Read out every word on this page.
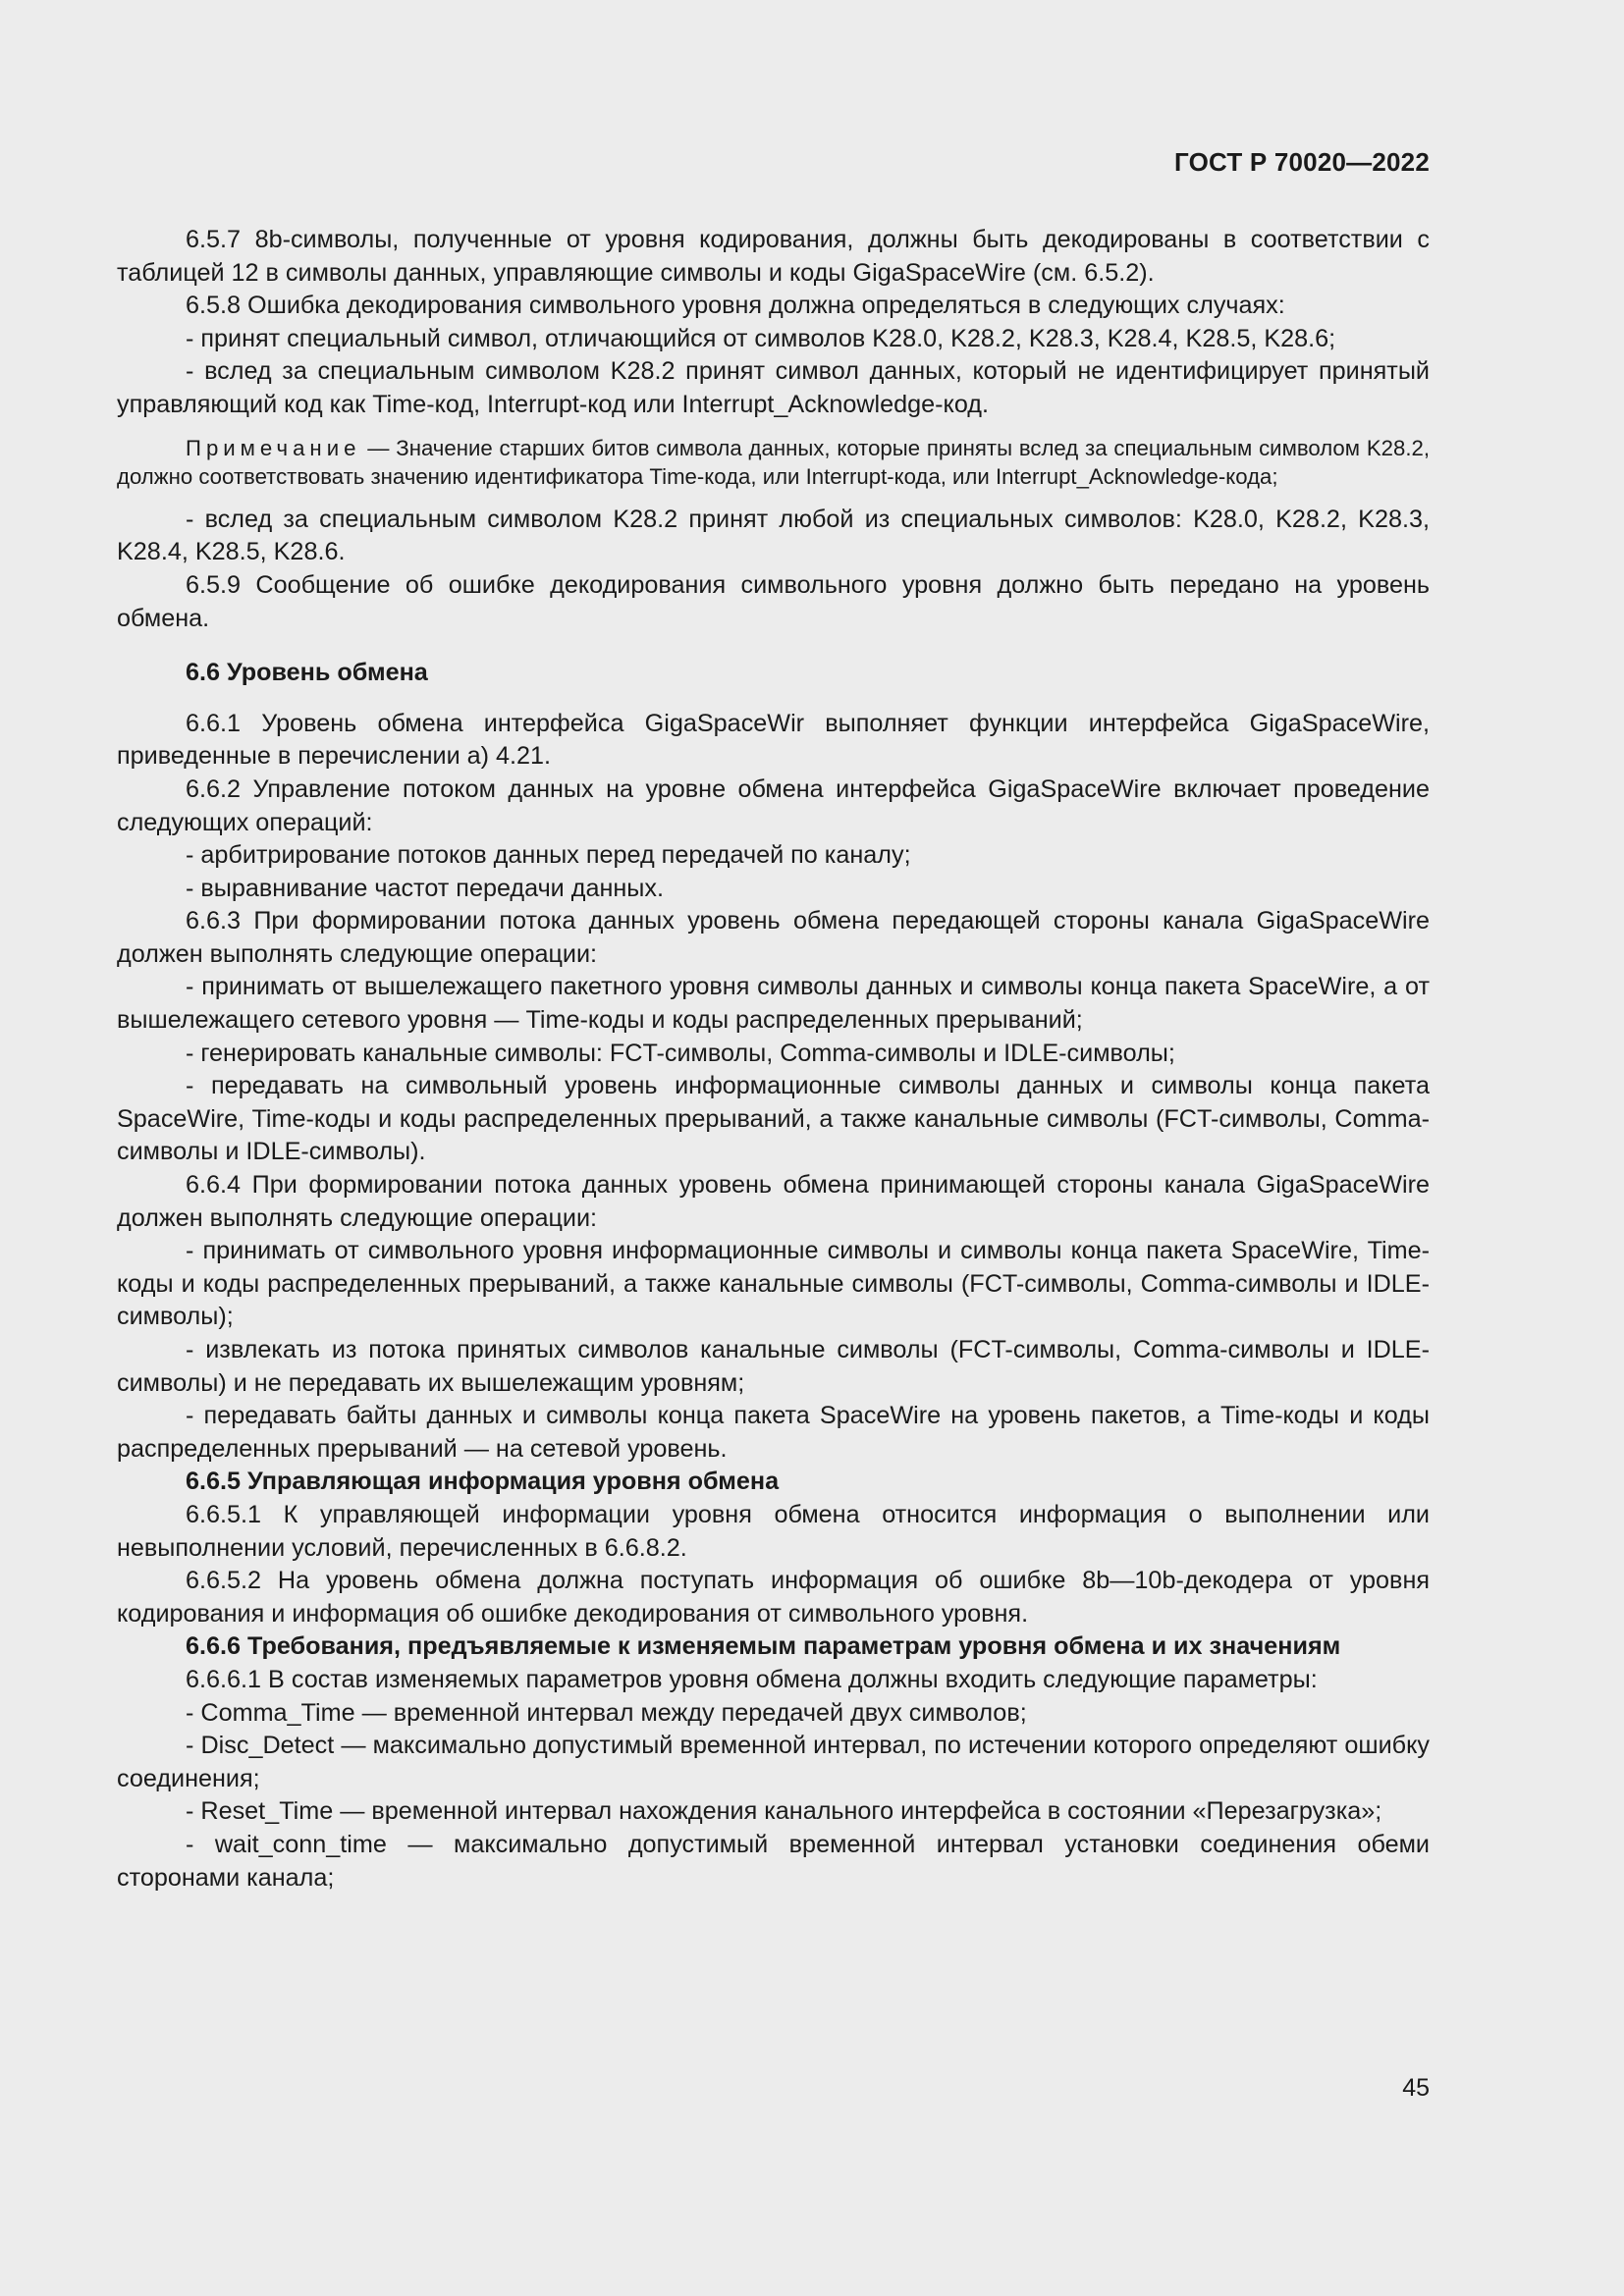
ГОСТ Р 70020—2022

6.5.7 8b-символы, полученные от уровня кодирования, должны быть декодированы в соответствии с таблицей 12 в символы данных, управляющие символы и коды GigaSpaceWire (см. 6.5.2).

6.5.8 Ошибка декодирования символьного уровня должна определяться в следующих случаях:

- принят специальный символ, отличающийся от символов K28.0, K28.2, K28.3, K28.4, K28.5, K28.6;

- вслед за специальным символом K28.2 принят символ данных, который не идентифицирует принятый управляющий код как Time-код, Interrupt-код или Interrupt_Acknowledge-код.

Примечание — Значение старших битов символа данных, которые приняты вслед за специальным символом K28.2, должно соответствовать значению идентификатора Time-кода, или Interrupt-кода, или Interrupt_Acknowledge-кода;

- вслед за специальным символом K28.2 принят любой из специальных символов: K28.0, K28.2, K28.3, K28.4, K28.5, K28.6.

6.5.9 Сообщение об ошибке декодирования символьного уровня должно быть передано на уровень обмена.

6.6 Уровень обмена

6.6.1 Уровень обмена интерфейса GigaSpaceWir выполняет функции интерфейса GigaSpaceWire, приведенные в перечислении а) 4.21.

6.6.2 Управление потоком данных на уровне обмена интерфейса GigaSpaceWire включает проведение следующих операций:

- арбитрирование потоков данных перед передачей по каналу;

- выравнивание частот передачи данных.

6.6.3 При формировании потока данных уровень обмена передающей стороны канала GigaSpaceWire должен выполнять следующие операции:

- принимать от вышележащего пакетного уровня символы данных и символы конца пакета SpaceWire, а от вышележащего сетевого уровня — Time-коды и коды распределенных прерываний;

- генерировать канальные символы: FCT-символы, Comma-символы и IDLE-символы;

- передавать на символьный уровень информационные символы данных и символы конца пакета SpaceWire, Time-коды и коды распределенных прерываний, а также канальные символы (FCT-символы, Comma-символы и IDLE-символы).

6.6.4 При формировании потока данных уровень обмена принимающей стороны канала GigaSpaceWire должен выполнять следующие операции:

- принимать от символьного уровня информационные символы и символы конца пакета SpaceWire, Time-коды и коды распределенных прерываний, а также канальные символы (FCT-символы, Comma-символы и IDLE-символы);

- извлекать из потока принятых символов канальные символы (FCT-символы, Comma-символы и IDLE-символы) и не передавать их вышележащим уровням;

- передавать байты данных и символы конца пакета SpaceWire на уровень пакетов, а Time-коды и коды распределенных прерываний — на сетевой уровень.

6.6.5 Управляющая информация уровня обмена

6.6.5.1 К управляющей информации уровня обмена относится информация о выполнении или невыполнении условий, перечисленных в 6.6.8.2.

6.6.5.2 На уровень обмена должна поступать информация об ошибке 8b—10b-декодера от уровня кодирования и информация об ошибке декодирования от символьного уровня.

6.6.6 Требования, предъявляемые к изменяемым параметрам уровня обмена и их значениям

6.6.6.1 В состав изменяемых параметров уровня обмена должны входить следующие параметры:

- Comma_Time — временной интервал между передачей двух символов;

- Disc_Detect — максимально допустимый временной интервал, по истечении которого определяют ошибку соединения;

- Reset_Time — временной интервал нахождения канального интерфейса в состоянии «Перезагрузка»;

- wait_conn_time — максимально допустимый временной интервал установки соединения обеми сторонами канала;

45
